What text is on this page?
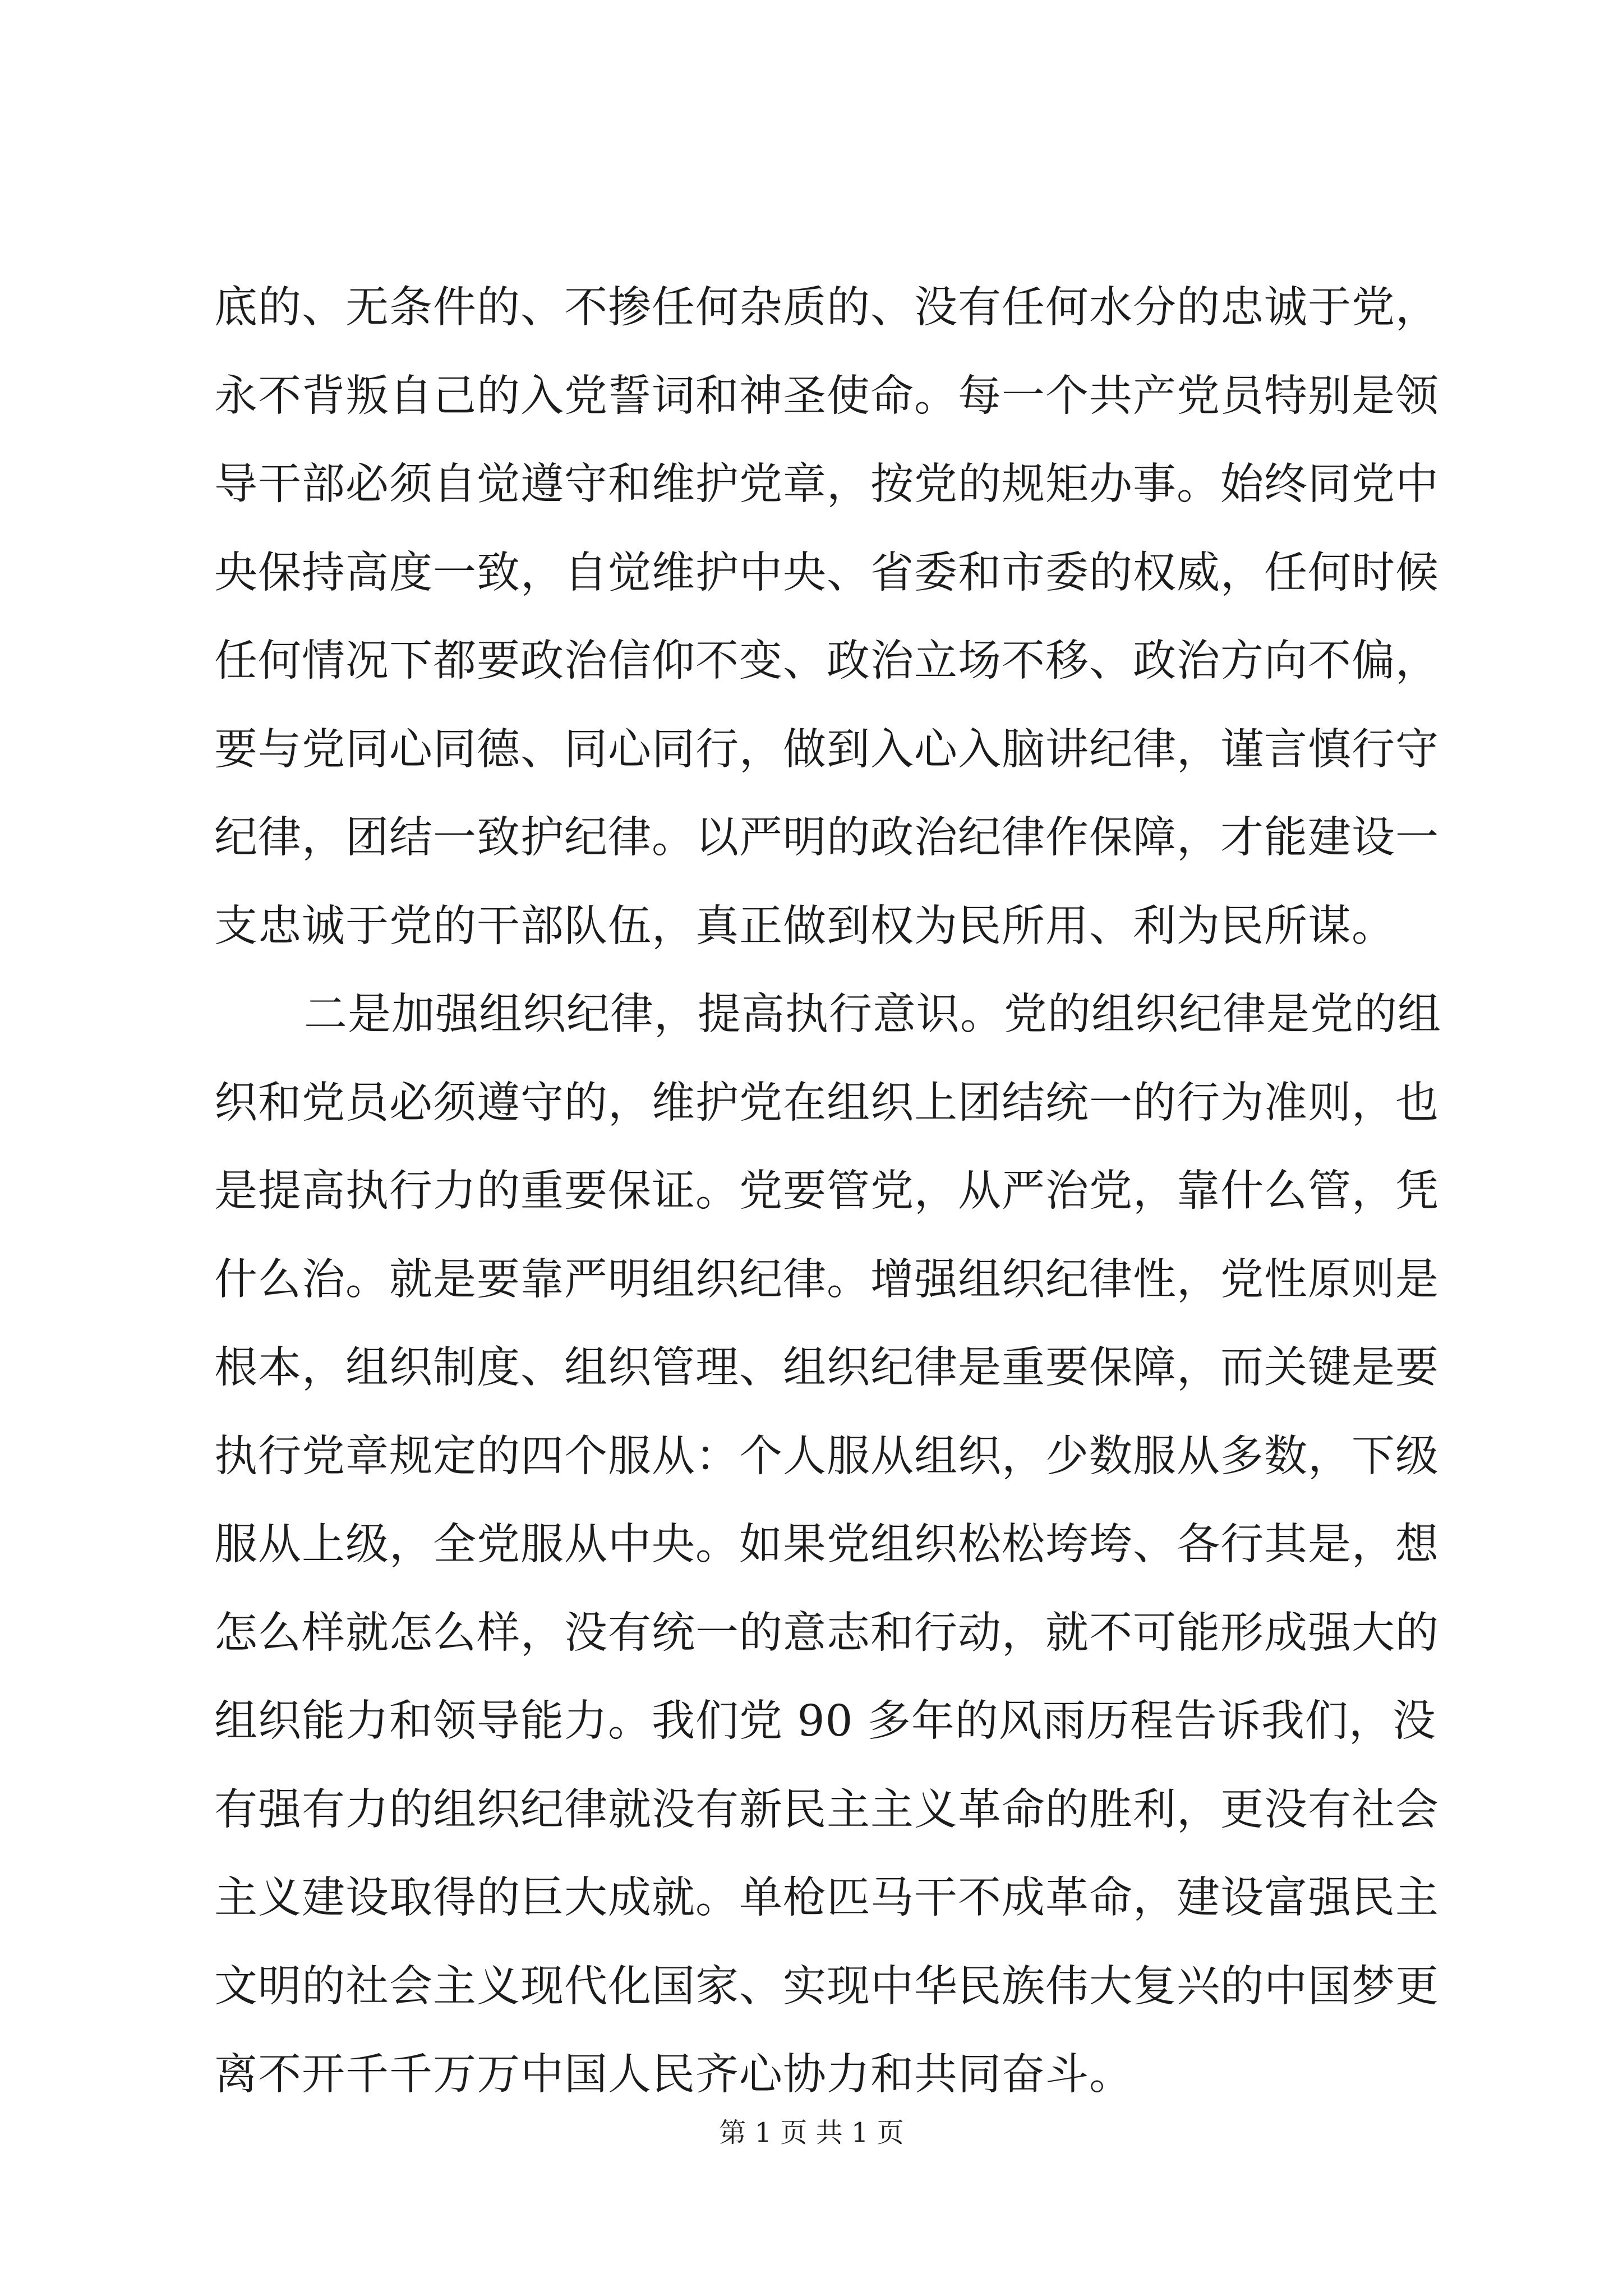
底的、无条件的、不掺任何杂质的、没有任何水分的忠诚于党，
永不背叛自己的入党誓词和神圣使命。每一个共产党员特别是领
导干部必须自觉遵守和维护党章，按党的规矩办事。始终同党中
央保持高度一致，自觉维护中央、省委和市委的权威，任何时候
任何情况下都要政治信仰不变、政治立场不移、政治方向不偏，
要与党同心同德、同心同行，做到入心入脑讲纪律，谨言慎行守
纪律，团结一致护纪律。以严明的政治纪律作保障，才能建设一
支忠诚于党的干部队伍，真正做到权为民所用、利为民所谋。
二是加强组织纪律，提高执行意识。党的组织纪律是党的组
织和党员必须遵守的，维护党在组织上团结统一的行为准则，也
是提高执行力的重要保证。党要管党，从严治党，靠什么管，凭
什么治。就是要靠严明组织纪律。增强组织纪律性，党性原则是
根本，组织制度、组织管理、组织纪律是重要保障，而关键是要
执行党章规定的四个服从：个人服从组织，少数服从多数，下级
服从上级，全党服从中央。如果党组织松松垮垮、各行其是，想
怎么样就怎么样，没有统一的意志和行动，就不可能形成强大的
组织能力和领导能力。我们党 90 多年的风雨历程告诉我们，没
有强有力的组织纪律就没有新民主主义革命的胜利，更没有社会
主义建设取得的巨大成就。单枪匹马干不成革命，建设富强民主
文明的社会主义现代化国家、实现中华民族伟大复兴的中国梦更
离不开千千万万中国人民齐心协力和共同奋斗。
第 1 页 共 1 页
